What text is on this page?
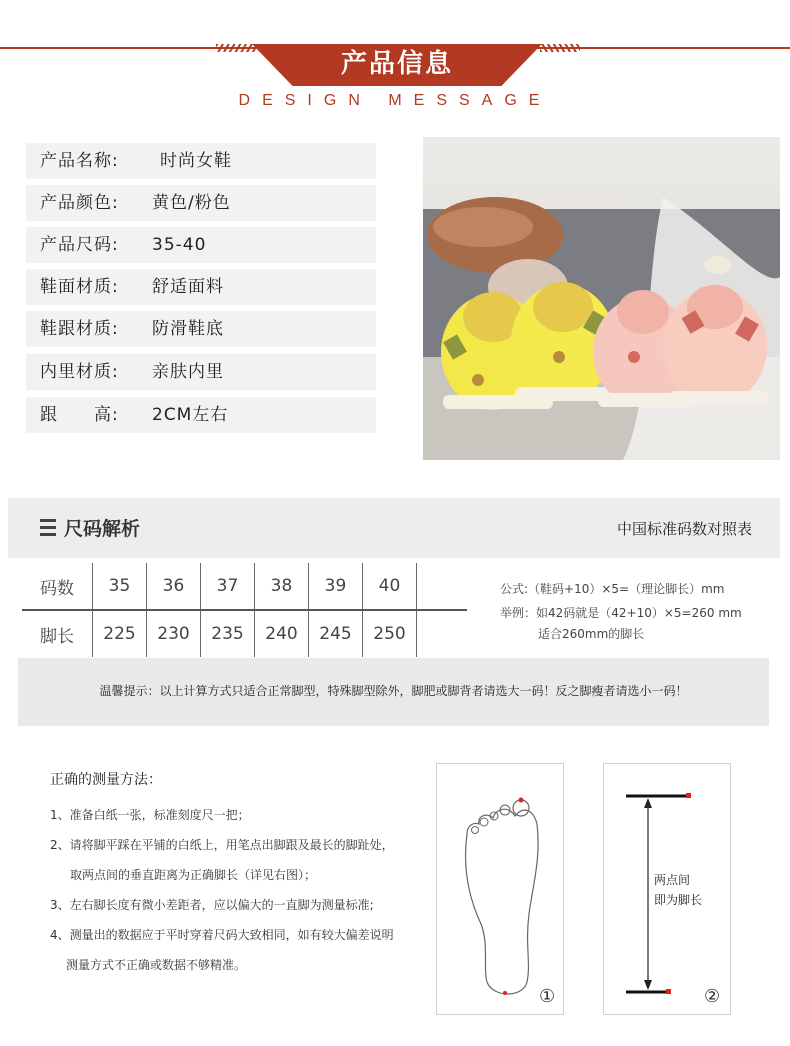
产品信息
DESIGN MESSAGE
产品名称:	时尚女鞋
产品颜色:	黄色/粉色
产品尺码:	35-40
鞋面材质:	舒适面料
鞋跟材质:	防滑鞋底
内里材质:	亲肤内里
跟　　高:	2CM左右
尺码解析	中国标准码数对照表
码数	35	36	37	38	39	40	
脚长	225	230	235	240	245	250	
公式:（鞋码+10）×5=（理论脚长）mm
举例：如42码就是（42+10）×5=260 mm
适合260mm的脚长
温馨提示：以上计算方式只适合正常脚型，特殊脚型除外，脚肥或脚背者请选大一码！反之脚瘦者请选小一码！
正确的测量方法：
1、准备白纸一张，标准刻度尺一把；
2、请将脚平踩在平铺的白纸上，用笔点出脚跟及最长的脚趾处，
取两点间的垂直距离为正确脚长（详见右图）；
3、左右脚长度有微小差距者，应以偏大的一直脚为测量标准;
4、测量出的数据应于平时穿着尺码大致相同，如有较大偏差说明
测量方式不正确或数据不够精准。
①	②
两点间
即为脚长
